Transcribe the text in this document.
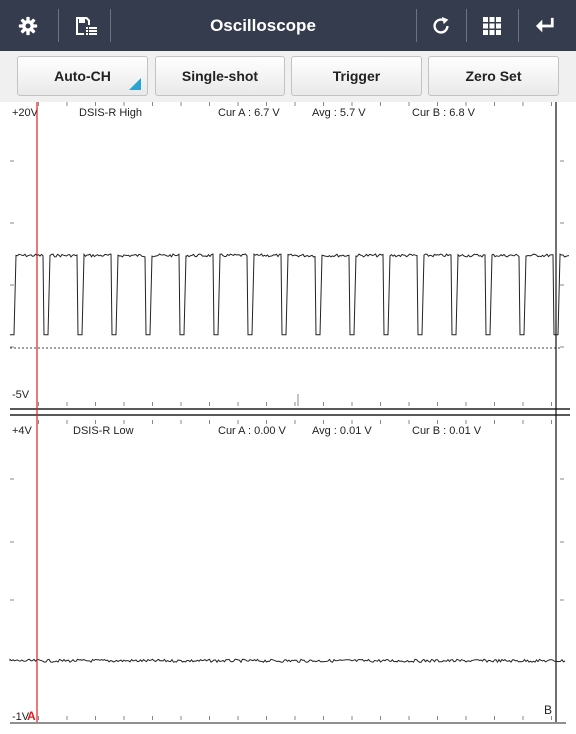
Oscilloscope
Auto-CH	Single-shot	Trigger	Zero Set
+20V	DSIS-R High	Cur A : 6.7 V	Avg : 5.7 V	Cur B : 6.8 V
-5V
+4V	DSIS-R Low	Cur A : 0.00 V Avg : 0.01 V	Cur B : 0.01 V
-1V
A	B
